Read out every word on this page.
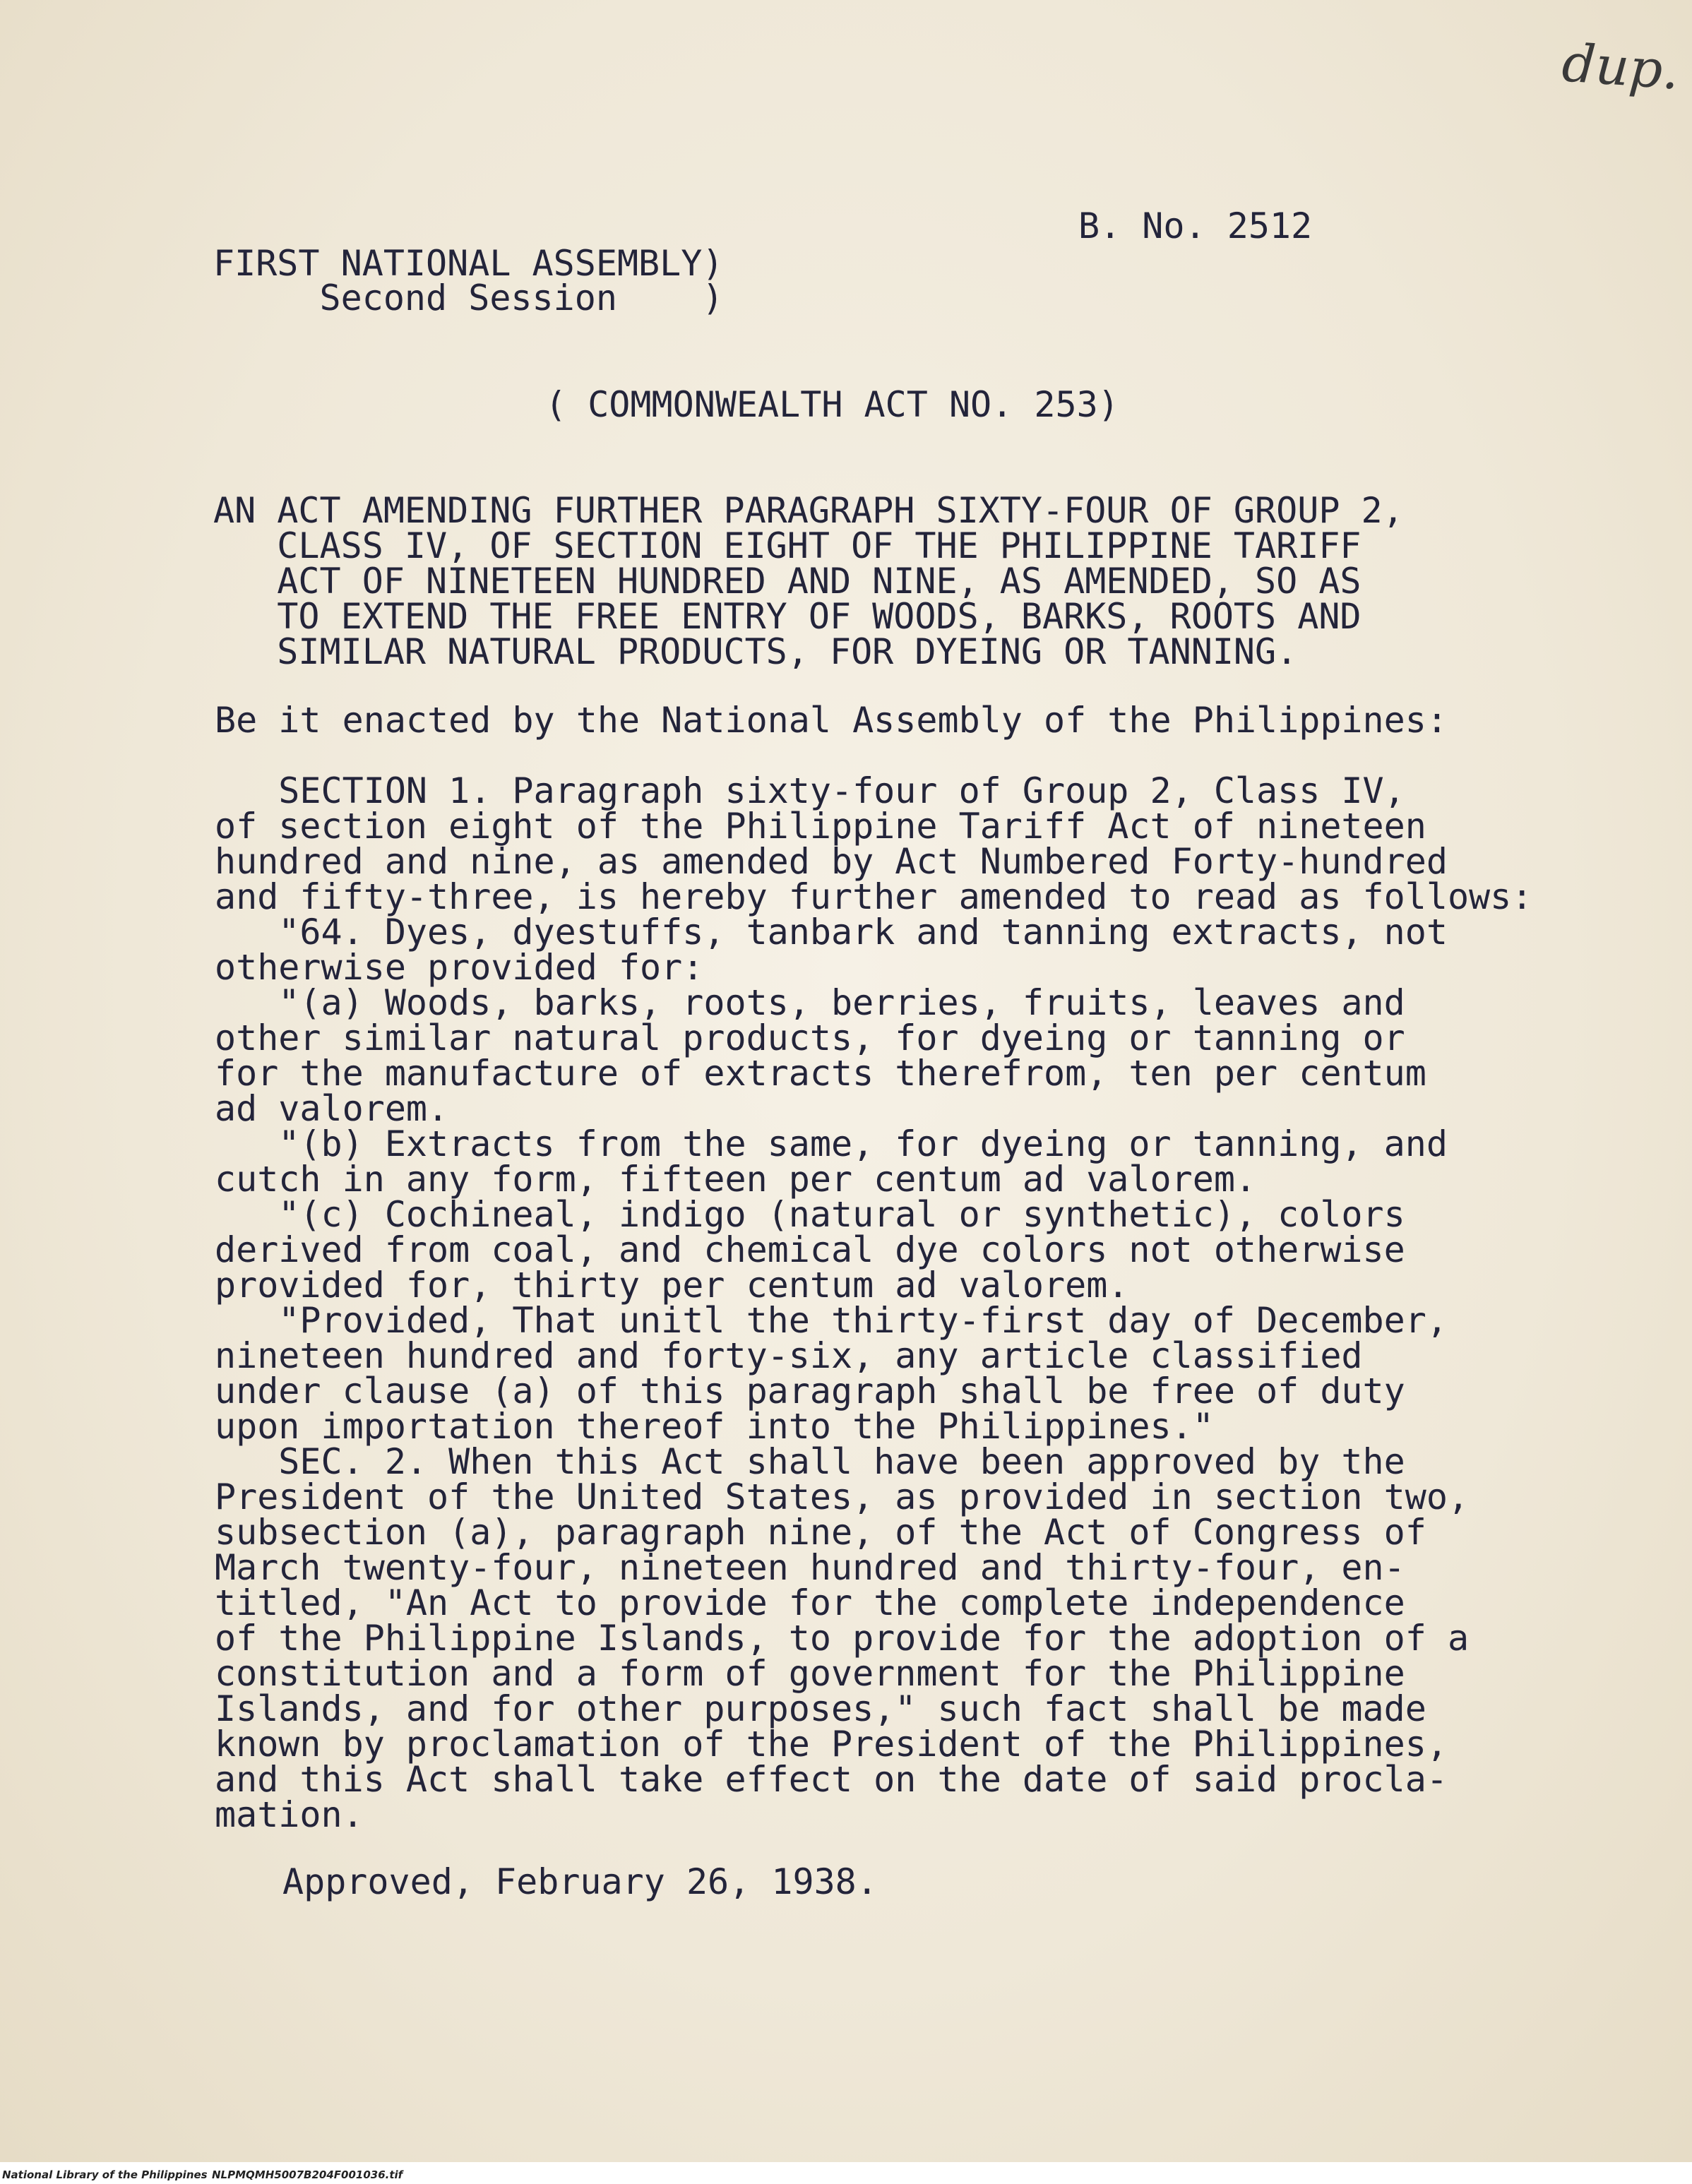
dup.

B. No. 2512

FIRST NATIONAL ASSEMBLY)

Second Session    )

( COMMONWEALTH ACT NO. 253)

AN ACT AMENDING FURTHER PARAGRAPH SIXTY-FOUR OF GROUP 2,

CLASS IV, OF SECTION EIGHT OF THE PHILIPPINE TARIFF

ACT OF NINETEEN HUNDRED AND NINE, AS AMENDED, SO AS

TO EXTEND THE FREE ENTRY OF WOODS, BARKS, ROOTS AND

SIMILAR NATURAL PRODUCTS, FOR DYEING OR TANNING.

Be it enacted by the National Assembly of the Philippines:

SECTION 1. Paragraph sixty-four of Group 2, Class IV,

of section eight of the Philippine Tariff Act of nineteen

hundred and nine, as amended by Act Numbered Forty-hundred

and fifty-three, is hereby further amended to read as follows:

"64. Dyes, dyestuffs, tanbark and tanning extracts, not

otherwise provided for:

"(a) Woods, barks, roots, berries, fruits, leaves and

other similar natural products, for dyeing or tanning or

for the manufacture of extracts therefrom, ten per centum

ad valorem.

"(b) Extracts from the same, for dyeing or tanning, and

cutch in any form, fifteen per centum ad valorem.

"(c) Cochineal, indigo (natural or synthetic), colors

derived from coal, and chemical dye colors not otherwise

provided for, thirty per centum ad valorem.

"Provided, That unitl the thirty-first day of December,

nineteen hundred and forty-six, any article classified

under clause (a) of this paragraph shall be free of duty

upon importation thereof into the Philippines."

SEC. 2. When this Act shall have been approved by the

President of the United States, as provided in section two,

subsection (a), paragraph nine, of the Act of Congress of

March twenty-four, nineteen hundred and thirty-four, en-

titled, "An Act to provide for the complete independence

of the Philippine Islands, to provide for the adoption of a

constitution and a form of government for the Philippine

Islands, and for other purposes," such fact shall be made

known by proclamation of the President of the Philippines,

and this Act shall take effect on the date of said procla-

mation.

Approved, February 26, 1938.

National Library of the Philippines NLPMQMH5007B204F001036.tif
